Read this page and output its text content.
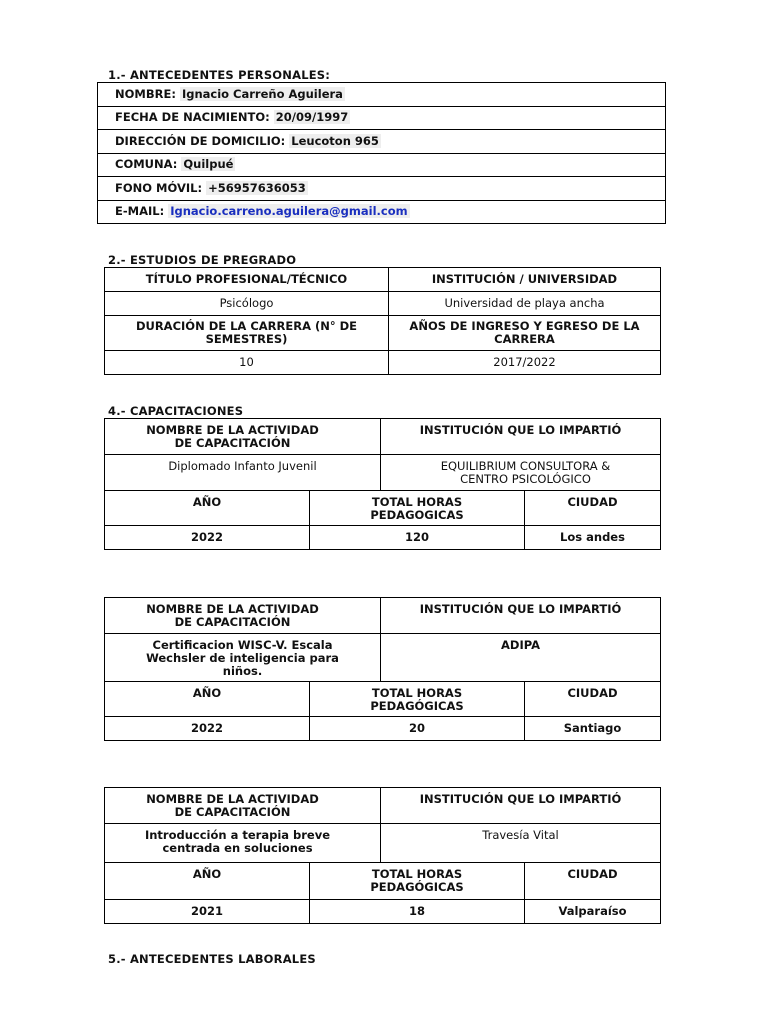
1.- ANTECEDENTES PERSONALES:
NOMBRE: Ignacio Carreño Aguilera
FECHA DE NACIMIENTO: 20/09/1997
DIRECCIÓN DE DOMICILIO: Leucoton 965
COMUNA: Quilpué
FONO MÓVIL: +56957636053
E-MAIL: Ignacio.carreno.aguilera@gmail.com
2.- ESTUDIOS DE PREGRADO
TÍTULO PROFESIONAL/TÉCNICO	INSTITUCIÓN / UNIVERSIDAD
Psicólogo	Universidad de playa ancha
DURACIÓN DE LA CARRERA (N° DE SEMESTRES)	AÑOS DE INGRESO Y EGRESO DE LA CARRERA
10	2017/2022
4.- CAPACITACIONES
NOMBRE DE LA ACTIVIDAD DE CAPACITACIÓN		INSTITUCIÓN QUE LO IMPARTIÓ	
Diplomado Infanto Juvenil		EQUILIBRIUM CONSULTORA & CENTRO PSICOLÓGICO	
AÑO	TOTAL HORAS PEDAGOGICAS		CIUDAD
2022	120		Los andes
NOMBRE DE LA ACTIVIDAD DE CAPACITACIÓN		INSTITUCIÓN QUE LO IMPARTIÓ	
Certificacion WISC-V. Escala Wechsler de inteligencia para niños.		ADIPA	
AÑO	TOTAL HORAS PEDAGÓGICAS		CIUDAD
2022	20		Santiago
NOMBRE DE LA ACTIVIDAD DE CAPACITACIÓN		INSTITUCIÓN QUE LO IMPARTIÓ	
Introducción a terapia breve centrada en soluciones		Travesía Vital	
AÑO	TOTAL HORAS PEDAGÓGICAS		CIUDAD
2021	18		Valparaíso
5.- ANTECEDENTES LABORALES
